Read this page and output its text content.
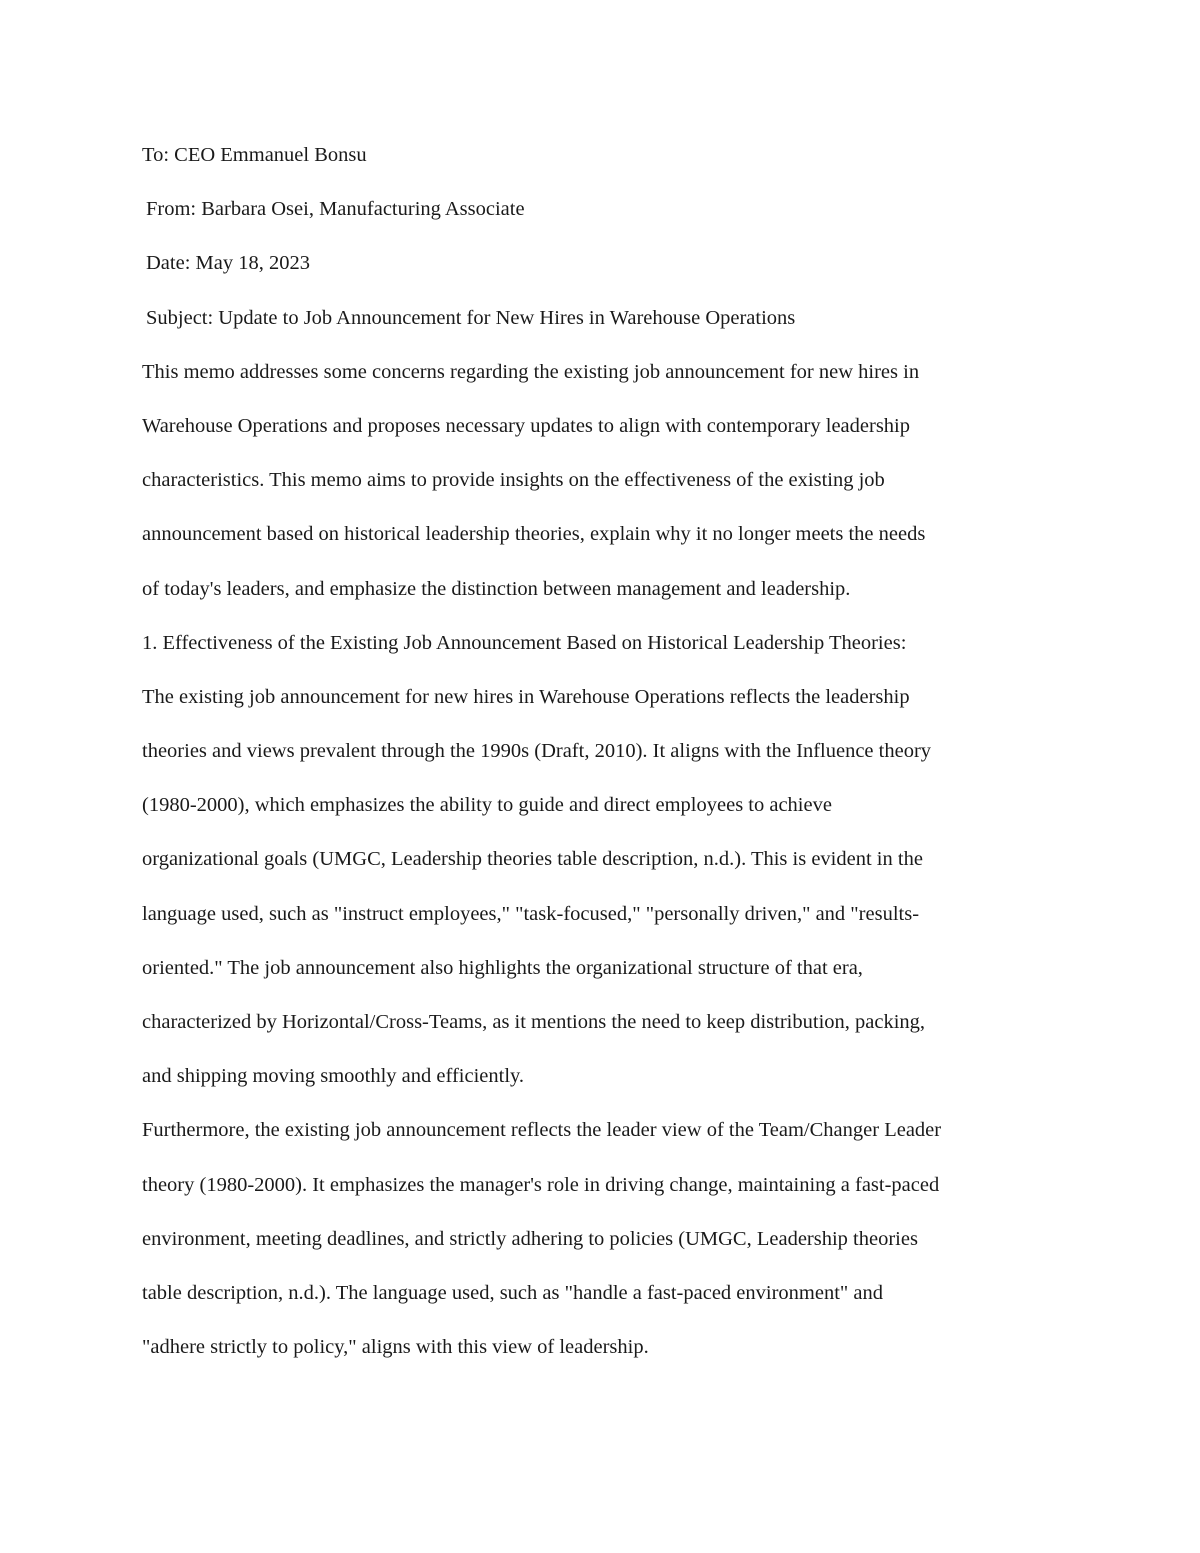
To: CEO Emmanuel Bonsu
From: Barbara Osei, Manufacturing Associate
Date: May 18, 2023
Subject: Update to Job Announcement for New Hires in Warehouse Operations
This memo addresses some concerns regarding the existing job announcement for new hires in
Warehouse Operations and proposes necessary updates to align with contemporary leadership
characteristics. This memo aims to provide insights on the effectiveness of the existing job
announcement based on historical leadership theories, explain why it no longer meets the needs
of today's leaders, and emphasize the distinction between management and leadership.
1. Effectiveness of the Existing Job Announcement Based on Historical Leadership Theories:
The existing job announcement for new hires in Warehouse Operations reflects the leadership
theories and views prevalent through the 1990s (Draft, 2010). It aligns with the Influence theory
(1980-2000), which emphasizes the ability to guide and direct employees to achieve
organizational goals (UMGC, Leadership theories table description, n.d.). This is evident in the
language used, such as "instruct employees," "task-focused," "personally driven," and "results-
oriented." The job announcement also highlights the organizational structure of that era,
characterized by Horizontal/Cross-Teams, as it mentions the need to keep distribution, packing,
and shipping moving smoothly and efficiently.
Furthermore, the existing job announcement reflects the leader view of the Team/Changer Leader
theory (1980-2000). It emphasizes the manager's role in driving change, maintaining a fast-paced
environment, meeting deadlines, and strictly adhering to policies (UMGC, Leadership theories
table description, n.d.). The language used, such as "handle a fast-paced environment" and
"adhere strictly to policy," aligns with this view of leadership.
